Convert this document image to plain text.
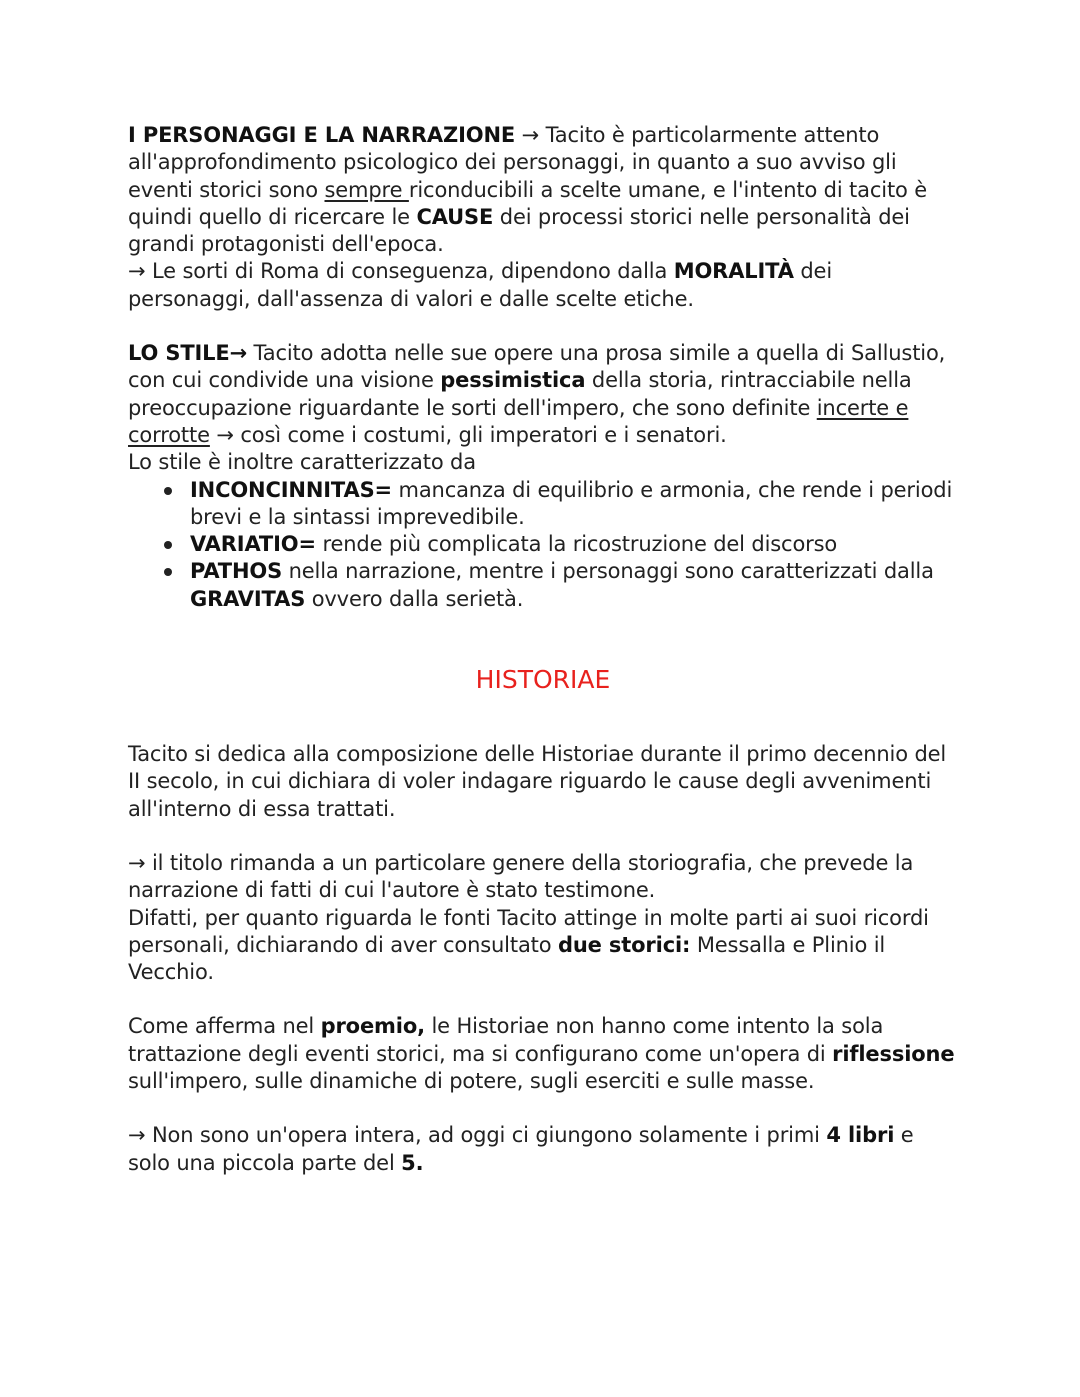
I PERSONAGGI E LA NARRAZIONE → Tacito è particolarmente attento all'approfondimento psicologico dei personaggi, in quanto a suo avviso gli eventi storici sono sempre riconducibili a scelte umane, e l'intento di tacito è quindi quello di ricercare le CAUSE dei processi storici nelle personalità dei grandi protagonisti dell'epoca.

→ Le sorti di Roma di conseguenza, dipendono dalla MORALITÀ dei personaggi, dall'assenza di valori e dalle scelte etiche.

LO STILE→ Tacito adotta nelle sue opere una prosa simile a quella di Sallustio, con cui condivide una visione pessimistica della storia, rintracciabile nella preoccupazione riguardante le sorti dell'impero, che sono definite incerte e corrotte → così come i costumi, gli imperatori e i senatori.

Lo stile è inoltre caratterizzato da

INCONCINNITAS= mancanza di equilibrio e armonia, che rende i periodi brevi e la sintassi imprevedibile.
VARIATIO= rende più complicata la ricostruzione del discorso
PATHOS nella narrazione, mentre i personaggi sono caratterizzati dalla GRAVITAS ovvero dalla serietà.
HISTORIAE

Tacito si dedica alla composizione delle Historiae durante il primo decennio del II secolo, in cui dichiara di voler indagare riguardo le cause degli avvenimenti all'interno di essa trattati.

→ il titolo rimanda a un particolare genere della storiografia, che prevede la narrazione di fatti di cui l'autore è stato testimone.

Difatti, per quanto riguarda le fonti Tacito attinge in molte parti ai suoi ricordi personali, dichiarando di aver consultato due storici: Messalla e Plinio il Vecchio.

Come afferma nel proemio, le Historiae non hanno come intento la sola trattazione degli eventi storici, ma si configurano come un'opera di riflessione sull'impero, sulle dinamiche di potere, sugli eserciti e sulle masse.

→ Non sono un'opera intera, ad oggi ci giungono solamente i primi 4 libri e solo una piccola parte del 5.
